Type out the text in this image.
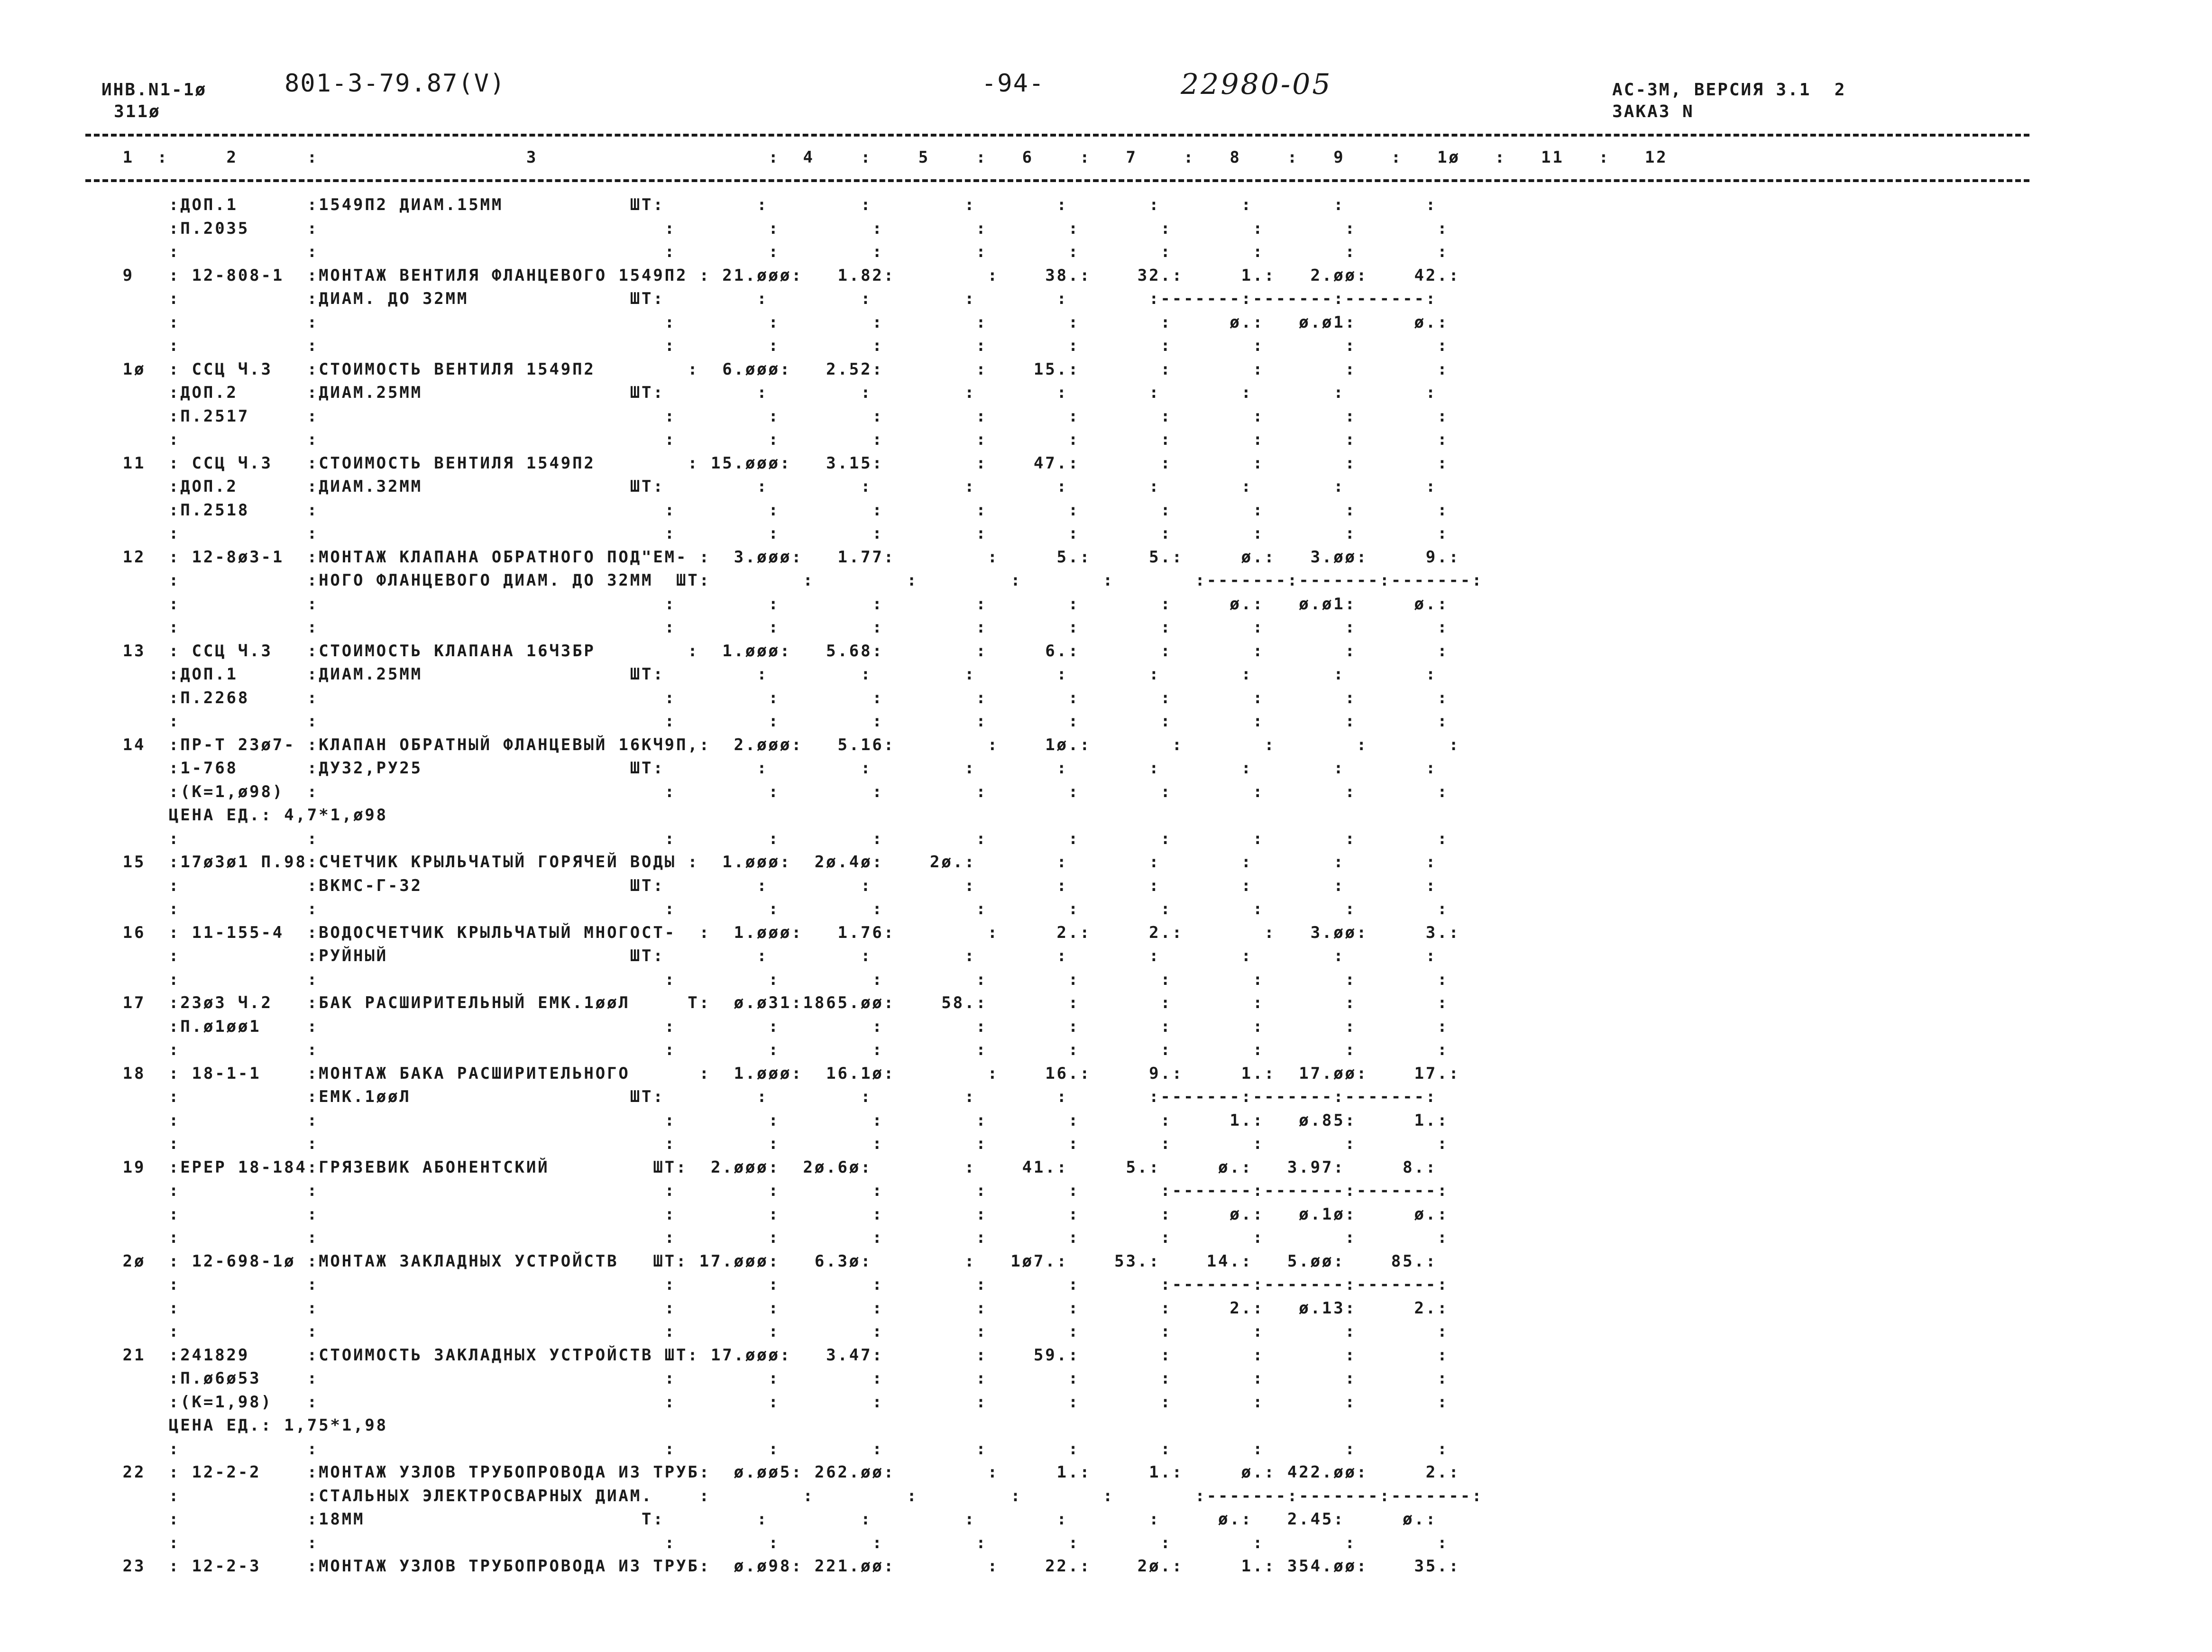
ИНВ.N1-1ø
311ø
801-3-79.87(V)	-94-	22980-05	АС-3М, ВЕРСИЯ 3.1  2
ЗАКАЗ N
1  :     2      :                  3                    :  4    :    5    :   6    :   7    :   8    :   9    :   1ø   :   11   :   12
:ДОП.1      :1549П2 ДИАМ.15ММ           ШТ:        :        :        :       :       :       :       :       :
:П.2035     :                              :        :        :        :       :       :       :       :       :
:           :                              :        :        :        :       :       :       :       :       :
9   : 12-808-1  :МОНТАЖ ВЕНТИЛЯ ФЛАНЦЕВОГО 1549П2 : 21.øøø:   1.82:        :    38.:    32.:     1.:   2.øø:    42.:
:           :ДИАМ. ДО 32ММ              ШТ:        :        :        :       :       :-------:-------:-------:
:           :                              :        :        :        :       :       :     ø.:   ø.ø1:     ø.:
:           :                              :        :        :        :       :       :       :       :       :
1ø  : ССЦ Ч.3   :СТОИМОСТЬ ВЕНТИЛЯ 1549П2        :  6.øøø:   2.52:        :    15.:       :       :       :       :
:ДОП.2      :ДИАМ.25ММ                  ШТ:        :        :        :       :       :       :       :       :
:П.2517     :                              :        :        :        :       :       :       :       :       :
:           :                              :        :        :        :       :       :       :       :       :
11  : ССЦ Ч.3   :СТОИМОСТЬ ВЕНТИЛЯ 1549П2        : 15.øøø:   3.15:        :    47.:       :       :       :       :
:ДОП.2      :ДИАМ.32ММ                  ШТ:        :        :        :       :       :       :       :       :
:П.2518     :                              :        :        :        :       :       :       :       :       :
:           :                              :        :        :        :       :       :       :       :       :
12  : 12-8ø3-1  :МОНТАЖ КЛАПАНА ОБРАТНОГО ПОД"ЕМ- :  3.øøø:   1.77:        :     5.:     5.:     ø.:   3.øø:     9.:
:           :НОГО ФЛАНЦЕВОГО ДИАМ. ДО 32ММ  ШТ:        :        :        :       :       :-------:-------:-------:
:           :                              :        :        :        :       :       :     ø.:   ø.ø1:     ø.:
:           :                              :        :        :        :       :       :       :       :       :
13  : ССЦ Ч.3   :СТОИМОСТЬ КЛАПАНА 16Ч3БР        :  1.øøø:   5.68:        :     6.:       :       :       :       :
:ДОП.1      :ДИАМ.25ММ                  ШТ:        :        :        :       :       :       :       :       :
:П.2268     :                              :        :        :        :       :       :       :       :       :
:           :                              :        :        :        :       :       :       :       :       :
14  :ПР-Т 23ø7- :КЛАПАН ОБРАТНЫЙ ФЛАНЦЕВЫЙ 16КЧ9П,:  2.øøø:   5.16:        :    1ø.:       :       :       :       :
:1-768      :ДУ32,РУ25                  ШТ:        :        :        :       :       :       :       :       :
:(К=1,ø98)  :                              :        :        :        :       :       :       :       :       :
ЦЕНА ЕД.: 4,7*1,ø98
:           :                              :        :        :        :       :       :       :       :       :
15  :17ø3ø1 П.98:СЧЕТЧИК КРЫЛЬЧАТЫЙ ГОРЯЧЕЙ ВОДЫ :  1.øøø:  2ø.4ø:    2ø.:       :       :       :       :       :
:           :ВКМС-Г-32                  ШТ:        :        :        :       :       :       :       :       :
:           :                              :        :        :        :       :       :       :       :       :
16  : 11-155-4  :ВОДОСЧЕТЧИК КРЫЛЬЧАТЫЙ МНОГОСТ-  :  1.øøø:   1.76:        :     2.:     2.:       :   3.øø:     3.:
:           :РУЙНЫЙ                     ШТ:        :        :        :       :       :       :       :       :
:           :                              :        :        :        :       :       :       :       :       :
17  :23ø3 Ч.2   :БАК РАСШИРИТЕЛЬНЫЙ ЕМК.1øøЛ     Т:  ø.ø31:1865.øø:    58.:       :       :       :       :       :
:П.ø1øø1    :                              :        :        :        :       :       :       :       :       :
:           :                              :        :        :        :       :       :       :       :       :
18  : 18-1-1    :МОНТАЖ БАКА РАСШИРИТЕЛЬНОГО      :  1.øøø:  16.1ø:        :    16.:     9.:     1.:  17.øø:    17.:
:           :ЕМК.1øøЛ                   ШТ:        :        :        :       :       :-------:-------:-------:
:           :                              :        :        :        :       :       :     1.:   ø.85:     1.:
:           :                              :        :        :        :       :       :       :       :       :
19  :ЕРЕР 18-184:ГРЯЗЕВИК АБОНЕНТСКИЙ         ШТ:  2.øøø:  2ø.6ø:        :    41.:     5.:     ø.:   3.97:     8.:
:           :                              :        :        :        :       :       :-------:-------:-------:
:           :                              :        :        :        :       :       :     ø.:   ø.1ø:     ø.:
:           :                              :        :        :        :       :       :       :       :       :
2ø  : 12-698-1ø :МОНТАЖ ЗАКЛАДНЫХ УСТРОЙСТВ   ШТ: 17.øøø:   6.3ø:        :   1ø7.:    53.:    14.:   5.øø:    85.:
:           :                              :        :        :        :       :       :-------:-------:-------:
:           :                              :        :        :        :       :       :     2.:   ø.13:     2.:
:           :                              :        :        :        :       :       :       :       :       :
21  :241829     :СТОИМОСТЬ ЗАКЛАДНЫХ УСТРОЙСТВ ШТ: 17.øøø:   3.47:        :    59.:       :       :       :       :
:П.ø6ø53    :                              :        :        :        :       :       :       :       :       :
:(К=1,98)   :                              :        :        :        :       :       :       :       :       :
ЦЕНА ЕД.: 1,75*1,98
:           :                              :        :        :        :       :       :       :       :       :
22  : 12-2-2    :МОНТАЖ УЗЛОВ ТРУБОПРОВОДА ИЗ ТРУБ:  ø.øø5: 262.øø:        :     1.:     1.:     ø.: 422.øø:     2.:
:           :СТАЛЬНЫХ ЭЛЕКТРОСВАРНЫХ ДИАМ.    :        :        :        :       :       :-------:-------:-------:
:           :18ММ                        Т:        :        :        :       :       :     ø.:   2.45:     ø.:
:           :                              :        :        :        :       :       :       :       :       :
23  : 12-2-3    :МОНТАЖ УЗЛОВ ТРУБОПРОВОДА ИЗ ТРУБ:  ø.ø98: 221.øø:        :    22.:    2ø.:     1.: 354.øø:    35.:
